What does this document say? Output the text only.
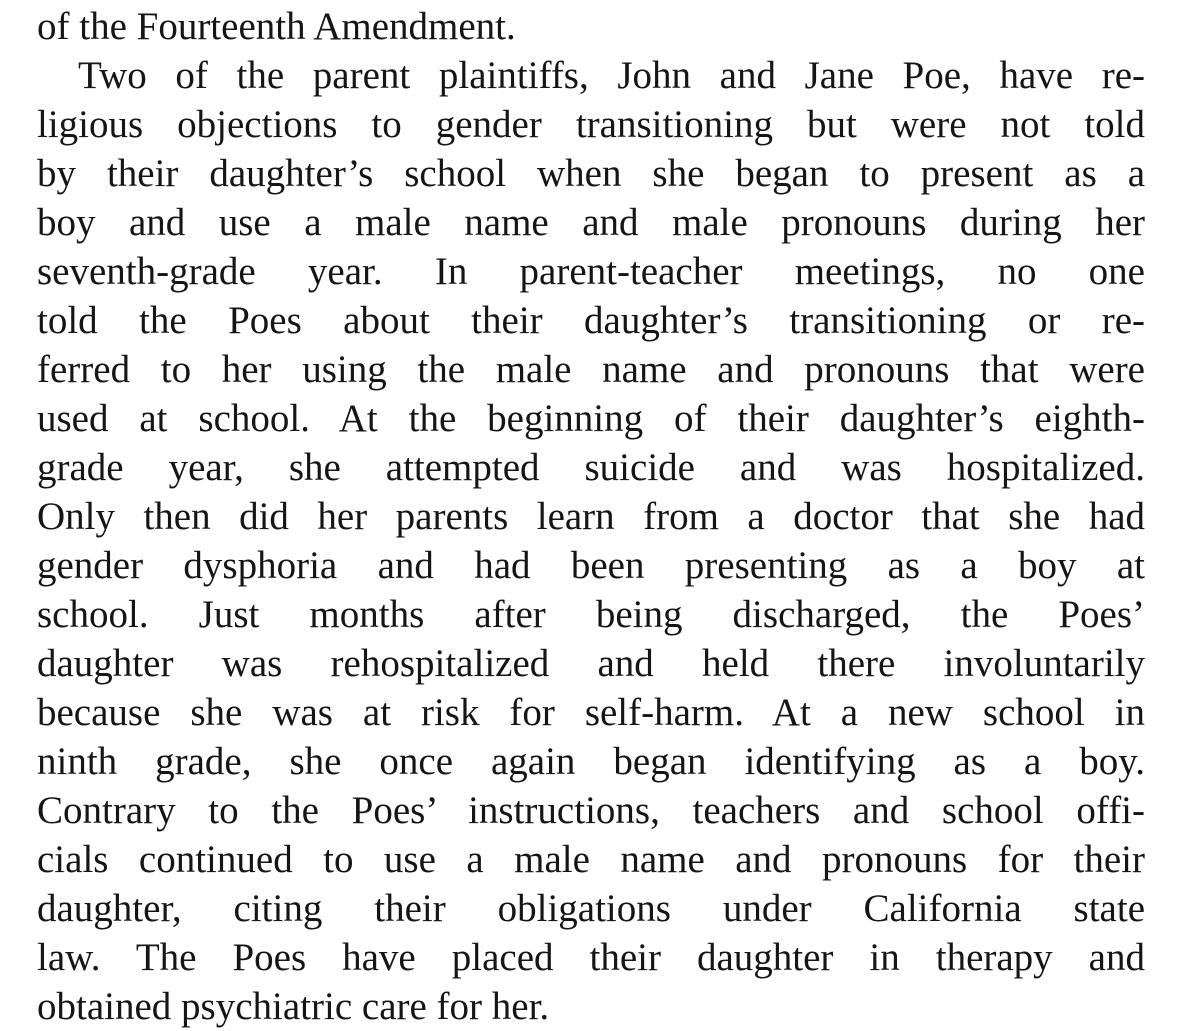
of the Fourteenth Amendment.
Two of the parent plaintiffs, John and Jane Poe, have re-
ligious objections to gender transitioning but were not told
by their daughter’s school when she began to present as a
boy and use a male name and male pronouns during her
seventh-grade year. In parent-teacher meetings, no one
told the Poes about their daughter’s transitioning or re-
ferred to her using the male name and pronouns that were
used at school. At the beginning of their daughter’s eighth-
grade year, she attempted suicide and was hospitalized.
Only then did her parents learn from a doctor that she had
gender dysphoria and had been presenting as a boy at
school. Just months after being discharged, the Poes’
daughter was rehospitalized and held there involuntarily
because she was at risk for self-harm. At a new school in
ninth grade, she once again began identifying as a boy.
Contrary to the Poes’ instructions, teachers and school offi-
cials continued to use a male name and pronouns for their
daughter, citing their obligations under California state
law. The Poes have placed their daughter in therapy and
obtained psychiatric care for her.
